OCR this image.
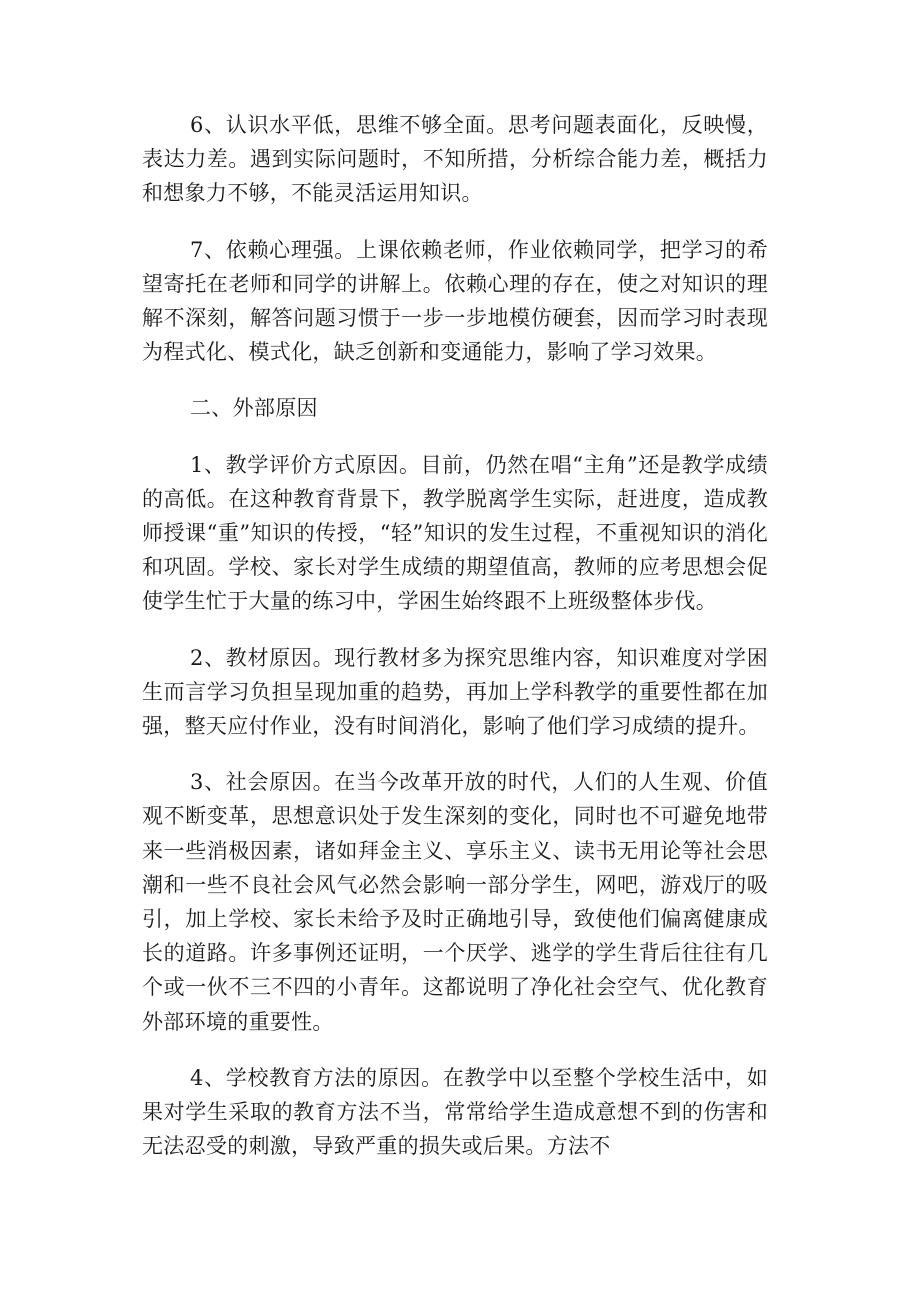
6、认识水平低，思维不够全面。思考问题表面化，反映慢，表达力差。遇到实际问题时，不知所措，分析综合能力差，概括力和想象力不够，不能灵活运用知识。

7、依赖心理强。上课依赖老师，作业依赖同学，把学习的希望寄托在老师和同学的讲解上。依赖心理的存在，使之对知识的理解不深刻，解答问题习惯于一步一步地模仿硬套，因而学习时表现为程式化、模式化，缺乏创新和变通能力，影响了学习效果。

二、外部原因

1、教学评价方式原因。目前，仍然在唱“主角”还是教学成绩的高低。在这种教育背景下，教学脱离学生实际，赶进度，造成教师授课“重”知识的传授，“轻”知识的发生过程，不重视知识的消化和巩固。学校、家长对学生成绩的期望值高，教师的应考思想会促使学生忙于大量的练习中，学困生始终跟不上班级整体步伐。

2、教材原因。现行教材多为探究思维内容，知识难度对学困生而言学习负担呈现加重的趋势，再加上学科教学的重要性都在加强，整天应付作业，没有时间消化，影响了他们学习成绩的提升。

3、社会原因。在当今改革开放的时代，人们的人生观、价值观不断变革，思想意识处于发生深刻的变化，同时也不可避免地带来一些消极因素，诸如拜金主义、享乐主义、读书无用论等社会思潮和一些不良社会风气必然会影响一部分学生，网吧，游戏厅的吸引，加上学校、家长未给予及时正确地引导，致使他们偏离健康成长的道路。许多事例还证明，一个厌学、逃学的学生背后往往有几个或一伙不三不四的小青年。这都说明了净化社会空气、优化教育外部环境的重要性。

4、学校教育方法的原因。在教学中以至整个学校生活中，如果对学生采取的教育方法不当，常常给学生造成意想不到的伤害和无法忍受的刺激，导致严重的损失或后果。方法不
